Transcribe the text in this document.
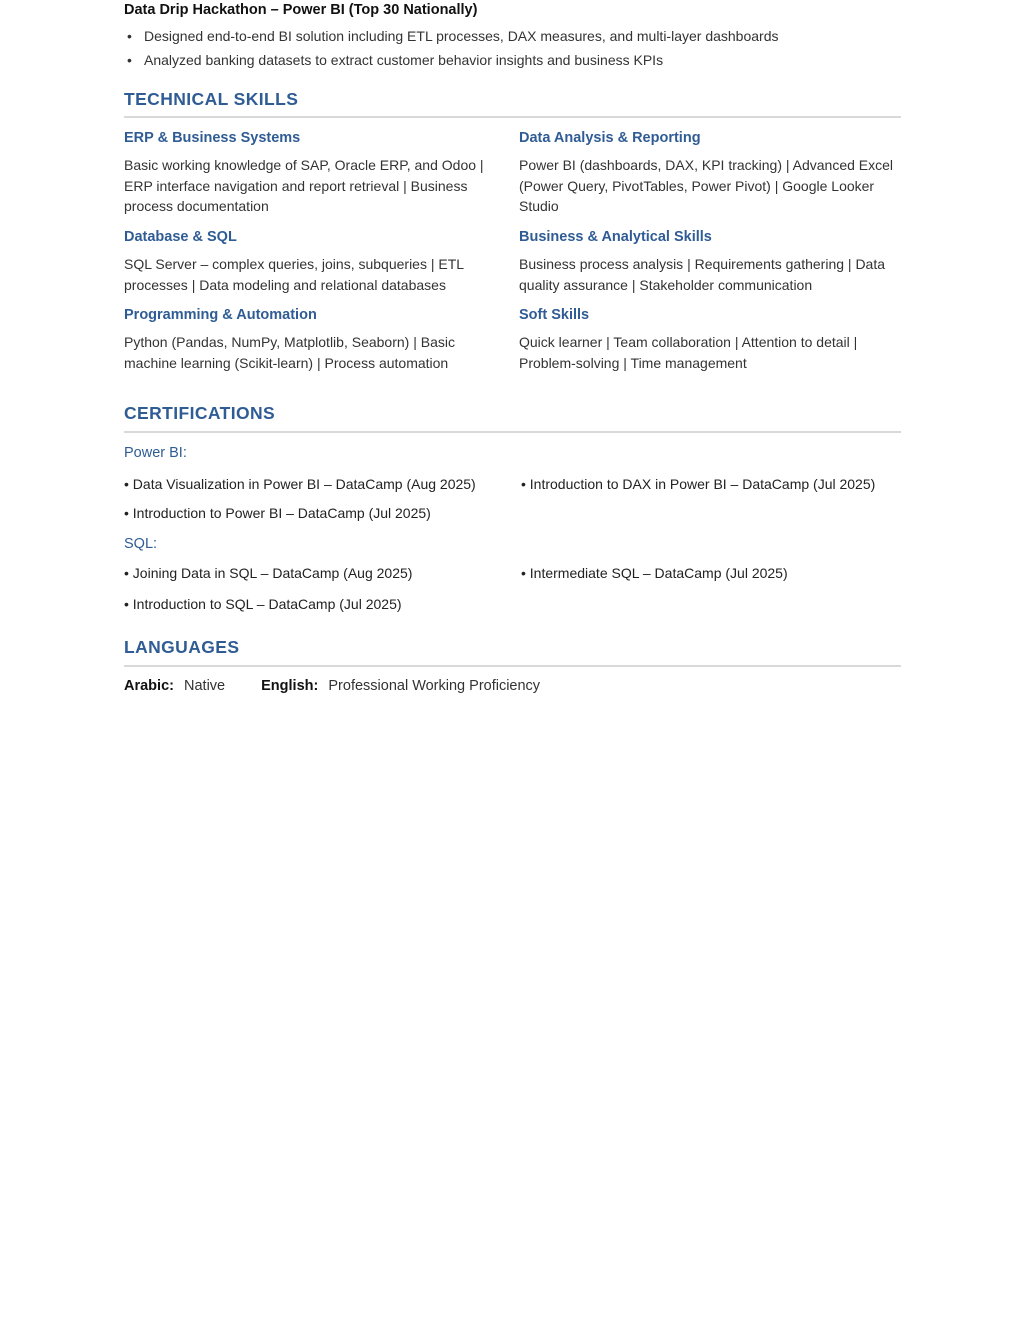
Data Drip Hackathon – Power BI (Top 30 Nationally)
• Designed end-to-end BI solution including ETL processes, DAX measures, and multi-layer dashboards
• Analyzed banking datasets to extract customer behavior insights and business KPIs
TECHNICAL SKILLS
ERP & Business Systems
Basic working knowledge of SAP, Oracle ERP, and Odoo | ERP interface navigation and report retrieval | Business process documentation
Data Analysis & Reporting
Power BI (dashboards, DAX, KPI tracking) | Advanced Excel (Power Query, PivotTables, Power Pivot) | Google Looker Studio
Database & SQL
SQL Server – complex queries, joins, subqueries | ETL processes | Data modeling and relational databases
Business & Analytical Skills
Business process analysis | Requirements gathering | Data quality assurance | Stakeholder communication
Programming & Automation
Python (Pandas, NumPy, Matplotlib, Seaborn) | Basic machine learning (Scikit-learn) | Process automation
Soft Skills
Quick learner | Team collaboration | Attention to detail | Problem-solving | Time management
CERTIFICATIONS
Power BI:
• Data Visualization in Power BI – DataCamp (Aug 2025)	• Introduction to DAX in Power BI – DataCamp (Jul 2025)
• Introduction to Power BI – DataCamp (Jul 2025)
SQL:
• Joining Data in SQL – DataCamp (Aug 2025)	• Intermediate SQL – DataCamp (Jul 2025)
• Introduction to SQL – DataCamp (Jul 2025)
LANGUAGES
Arabic: Native English: Professional Working Proficiency
